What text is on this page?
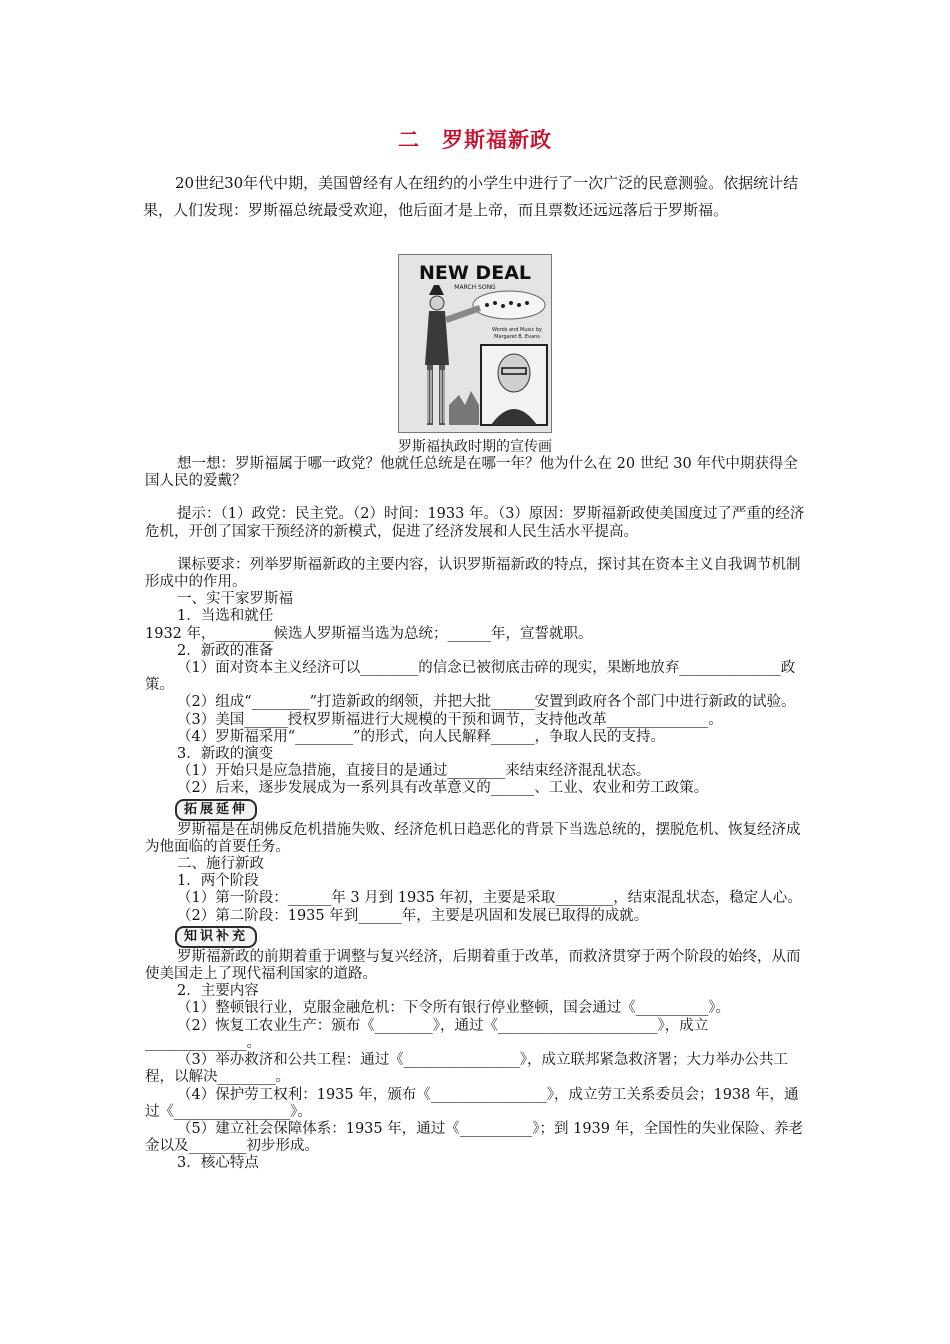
二　罗斯福新政
20世纪30年代中期，美国曾经有人在纽约的小学生中进行了一次广泛的民意测验。依据统计结果，人们发现：罗斯福总统最受欢迎，他后面才是上帝，而且票数还远远落后于罗斯福。
NEW DEAL
MARCH SONG
Words and Music by
Margaret B. Evans
罗斯福执政时期的宣传画

想一想：罗斯福属于哪一政党？他就任总统是在哪一年？他为什么在 20 世纪 30 年代中期获得全国人民的爱戴？

提示：（1）政党：民主党。（2）时间：1933 年。（3）原因：罗斯福新政使美国度过了严重的经济危机，开创了国家干预经济的新模式，促进了经济发展和人民生活水平提高。

课标要求：列举罗斯福新政的主要内容，认识罗斯福新政的特点，探讨其在资本主义自我调节机制形成中的作用。

一、实干家罗斯福

1．当选和就任

1932 年，________候选人罗斯福当选为总统；______年，宣誓就职。

2．新政的准备

（1）面对资本主义经济可以________的信念已被彻底击碎的现实，果断地放弃______________政策。

（2）组成“________”打造新政的纲领，并把大批______安置到政府各个部门中进行新政的试验。

（3）美国______授权罗斯福进行大规模的干预和调节，支持他改革______________。

（4）罗斯福采用“________”的形式，向人民解释______，争取人民的支持。

3．新政的演变

（1）开始只是应急措施，直接目的是通过________来结束经济混乱状态。

（2）后来，逐步发展成为一系列具有改革意义的______、工业、农业和劳工政策。

拓展延伸

罗斯福是在胡佛反危机措施失败、经济危机日趋恶化的背景下当选总统的，摆脱危机、恢复经济成为他面临的首要任务。

二、施行新政

1．两个阶段

（1）第一阶段：______年 3 月到 1935 年初，主要是采取________，结束混乱状态，稳定人心。

（2）第二阶段：1935 年到______年，主要是巩固和发展已取得的成就。

知识补充

罗斯福新政的前期着重于调整与复兴经济，后期着重于改革，而救济贯穿于两个阶段的始终，从而使美国走上了现代福利国家的道路。

2．主要内容

（1）整顿银行业，克服金融危机：下令所有银行停业整顿，国会通过《__________》。

（2）恢复工农业生产：颁布《________》，通过《______________________》，成立______________。

（3）举办救济和公共工程：通过《________________》，成立联邦紧急救济署；大力举办公共工程，以解决________。

（4）保护劳工权利：1935 年，颁布《________________》，成立劳工关系委员会；1938 年，通过《________________》。

（5）建立社会保障体系：1935 年，通过《__________》；到 1939 年，全国性的失业保险、养老金以及________初步形成。

3．核心特点
